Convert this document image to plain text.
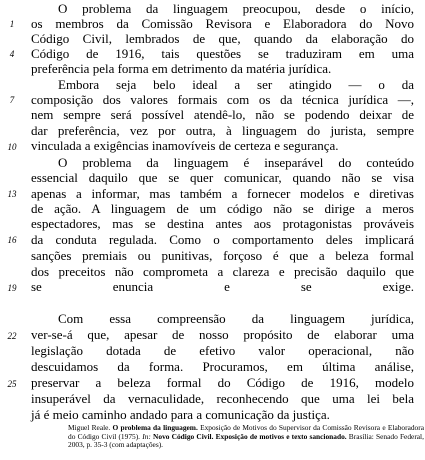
O problema da linguagem preocupou, desde o início,
os membros da Comissão Revisora e Elaboradora do Novo
Código Civil, lembrados de que, quando da elaboração do
Código de 1916, tais questões se traduziram em uma
preferência pela forma em detrimento da matéria jurídica.
Embora seja belo ideal a ser atingido — o da
composição dos valores formais com os da técnica jurídica —,
nem sempre será possível atendê-lo, não se podendo deixar de
dar preferência, vez por outra, à linguagem do jurista, sempre
vinculada a exigências inamovíveis de certeza e segurança.
O problema da linguagem é inseparável do conteúdo
essencial daquilo que se quer comunicar, quando não se visa
apenas a informar, mas também a fornecer modelos e diretivas
de ação. A linguagem de um código não se dirige a meros
espectadores, mas se destina antes aos protagonistas prováveis
da conduta regulada. Como o comportamento deles implicará
sanções premiais ou punitivas, forçoso é que a beleza formal
dos preceitos não comprometa a clareza e precisão daquilo que
se enuncia e se exige.
Com essa compreensão da linguagem jurídica,
ver-se-á que, apesar de nosso propósito de elaborar uma
legislação dotada de efetivo valor operacional, não
descuidamos da forma. Procuramos, em última análise,
preservar a beleza formal do Código de 1916, modelo
insuperável da vernaculidade, reconhecendo que uma lei bela
já é meio caminho andado para a comunicação da justiça.
1
4
7
10
13
16
19
22
25
Miguel Reale. O problema da linguagem. Exposição de Motivos do Supervisor da Comissão Revisora e Elaboradora do Código Civil (1975). In: Novo Código Civil. Exposição de motivos e texto sancionado. Brasília: Senado Federal, 2003, p. 35-3 (com adaptações).
